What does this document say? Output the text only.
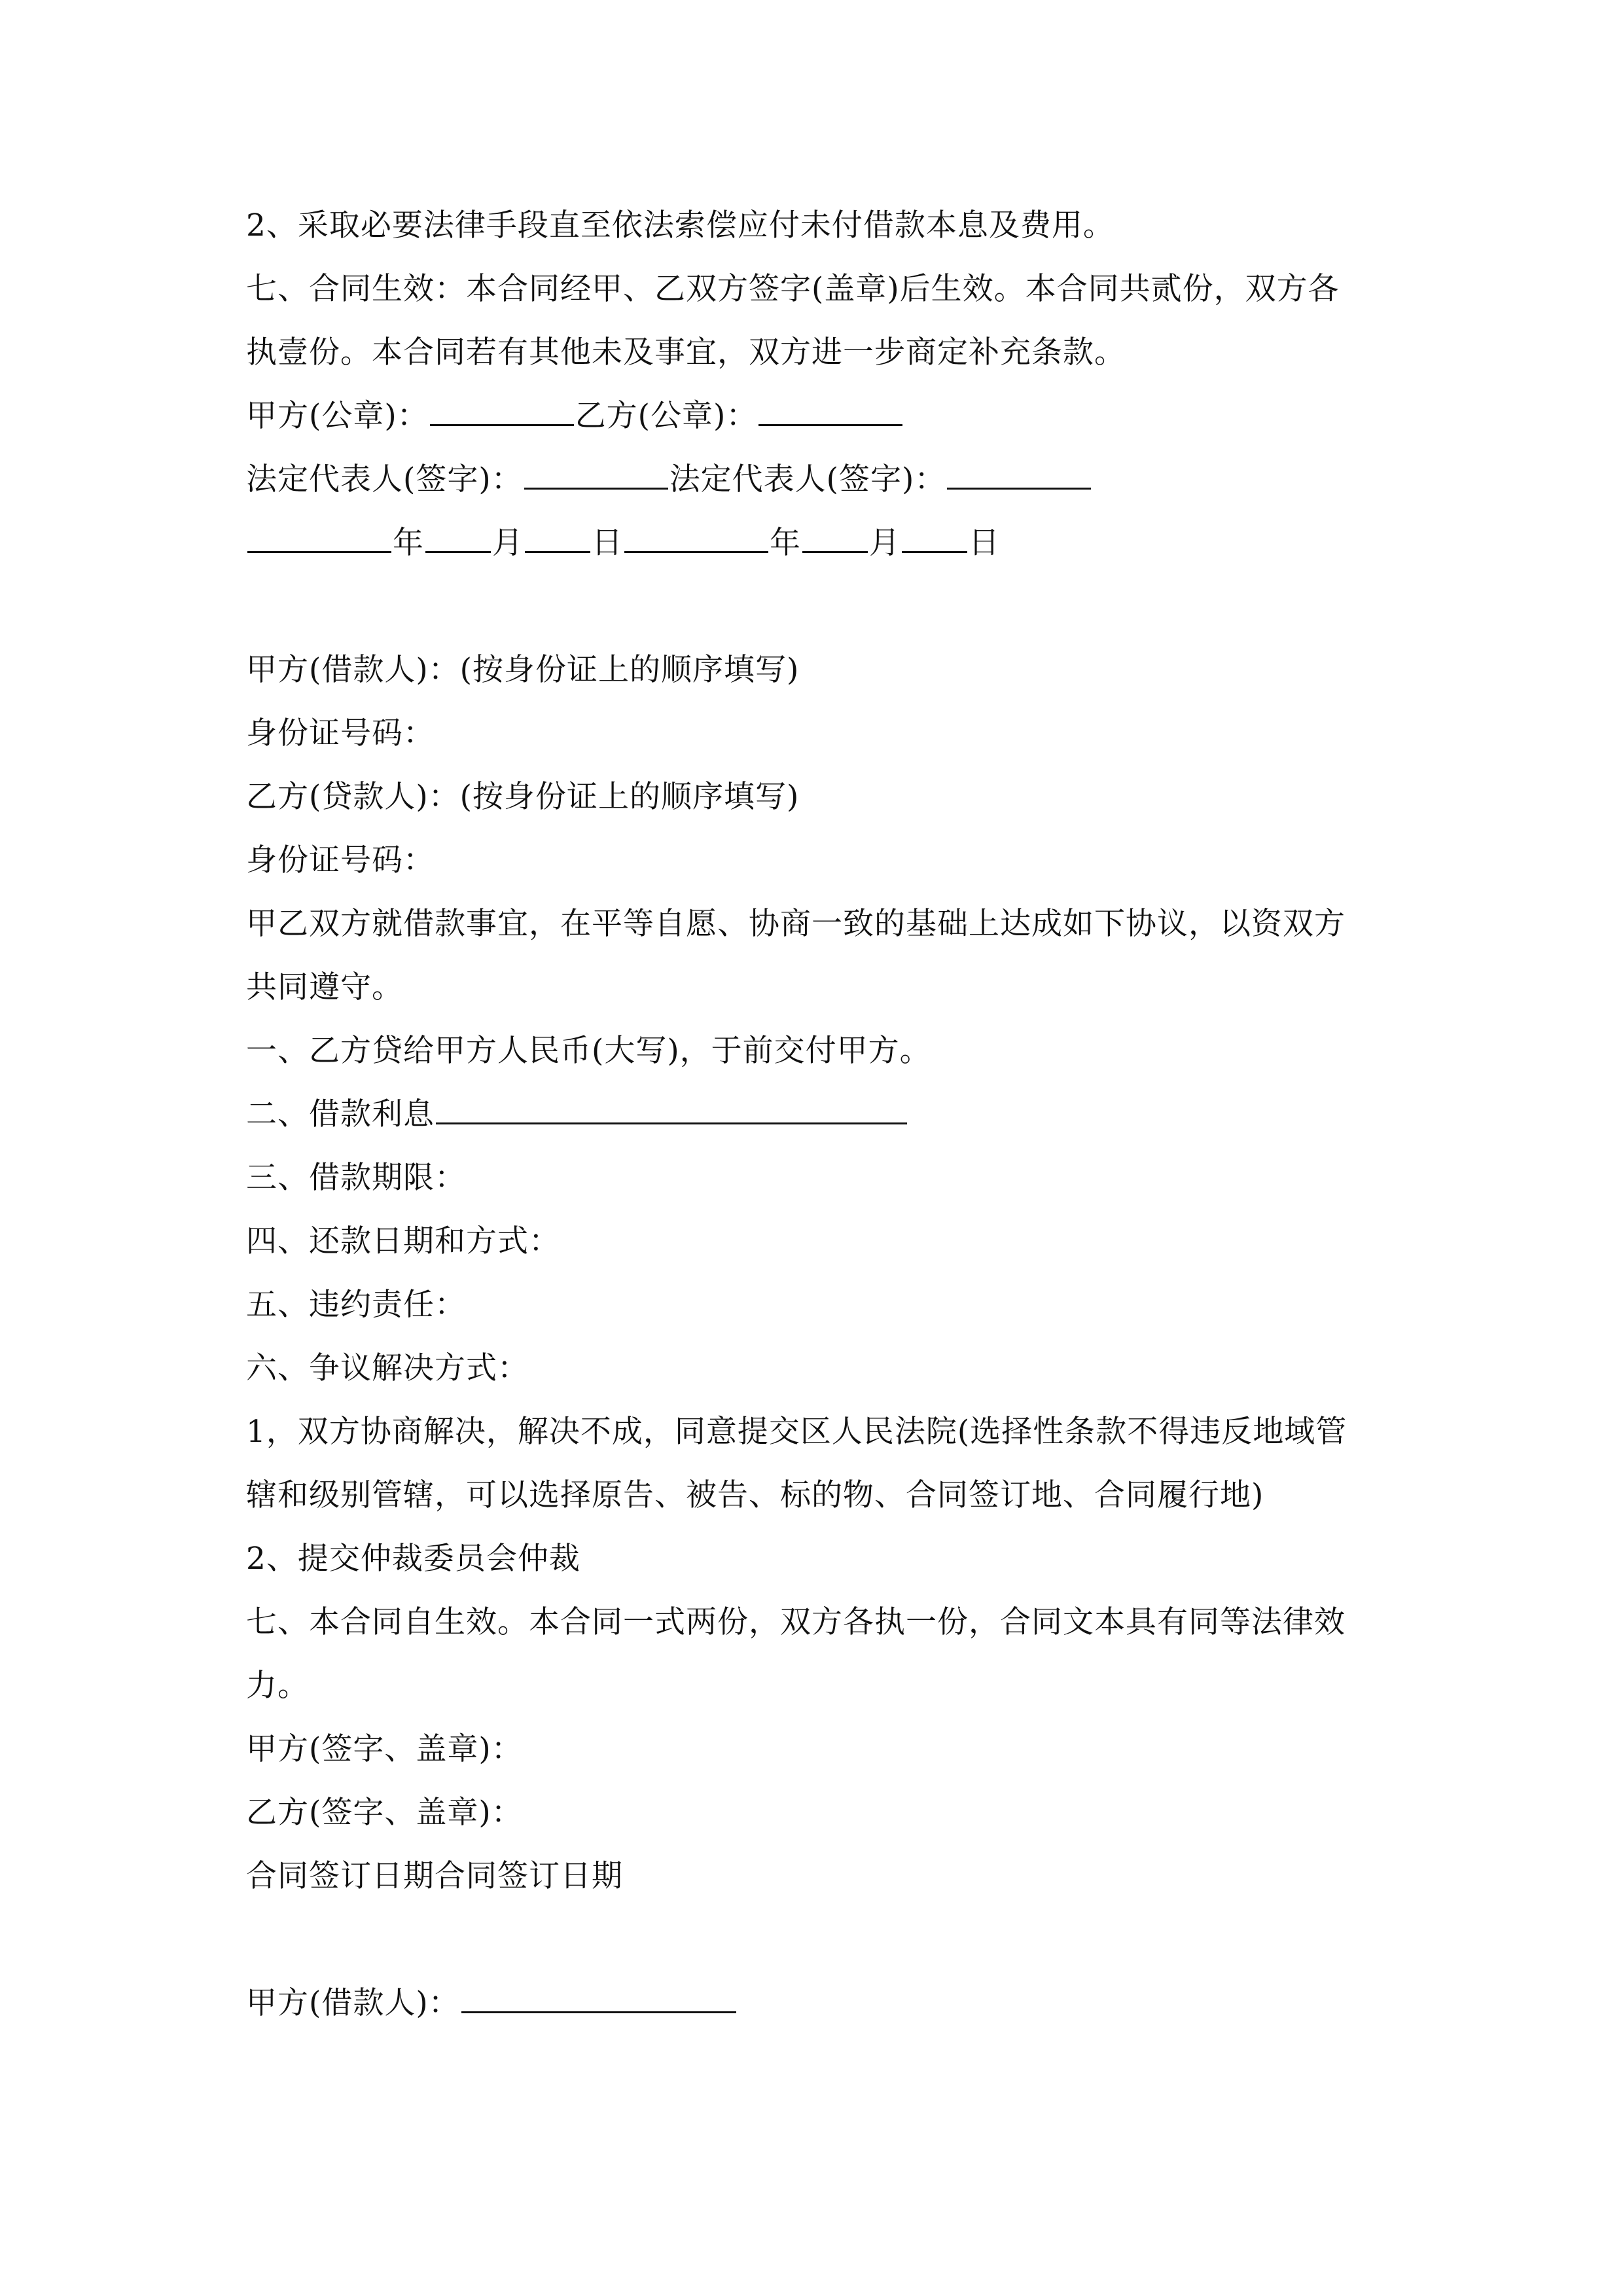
2、采取必要法律手段直至依法索偿应付未付借款本息及费用。
七、合同生效：本合同经甲、乙双方签字(盖章)后生效。本合同共贰份，双方各
执壹份。本合同若有其他未及事宜，双方进一步商定补充条款。
甲方(公章)：	乙方(公章)：
法定代表人(签字)：	法定代表人(签字)：
年 月 日	年 月 日
甲方(借款人)：(按身份证上的顺序填写)
身份证号码：
乙方(贷款人)：(按身份证上的顺序填写)
身份证号码：
甲乙双方就借款事宜，在平等自愿、协商一致的基础上达成如下协议，以资双方
共同遵守。
一、乙方贷给甲方人民币(大写)，于前交付甲方。
二、借款利息
三、借款期限：
四、还款日期和方式：
五、违约责任：
六、争议解决方式：
1，双方协商解决，解决不成，同意提交区人民法院(选择性条款不得违反地域管
辖和级别管辖，可以选择原告、被告、标的物、合同签订地、合同履行地)
2、提交仲裁委员会仲裁
七、本合同自生效。本合同一式两份，双方各执一份，合同文本具有同等法律效
力。
甲方(签字、盖章)：
乙方(签字、盖章)：
合同签订日期合同签订日期
甲方(借款人)：
